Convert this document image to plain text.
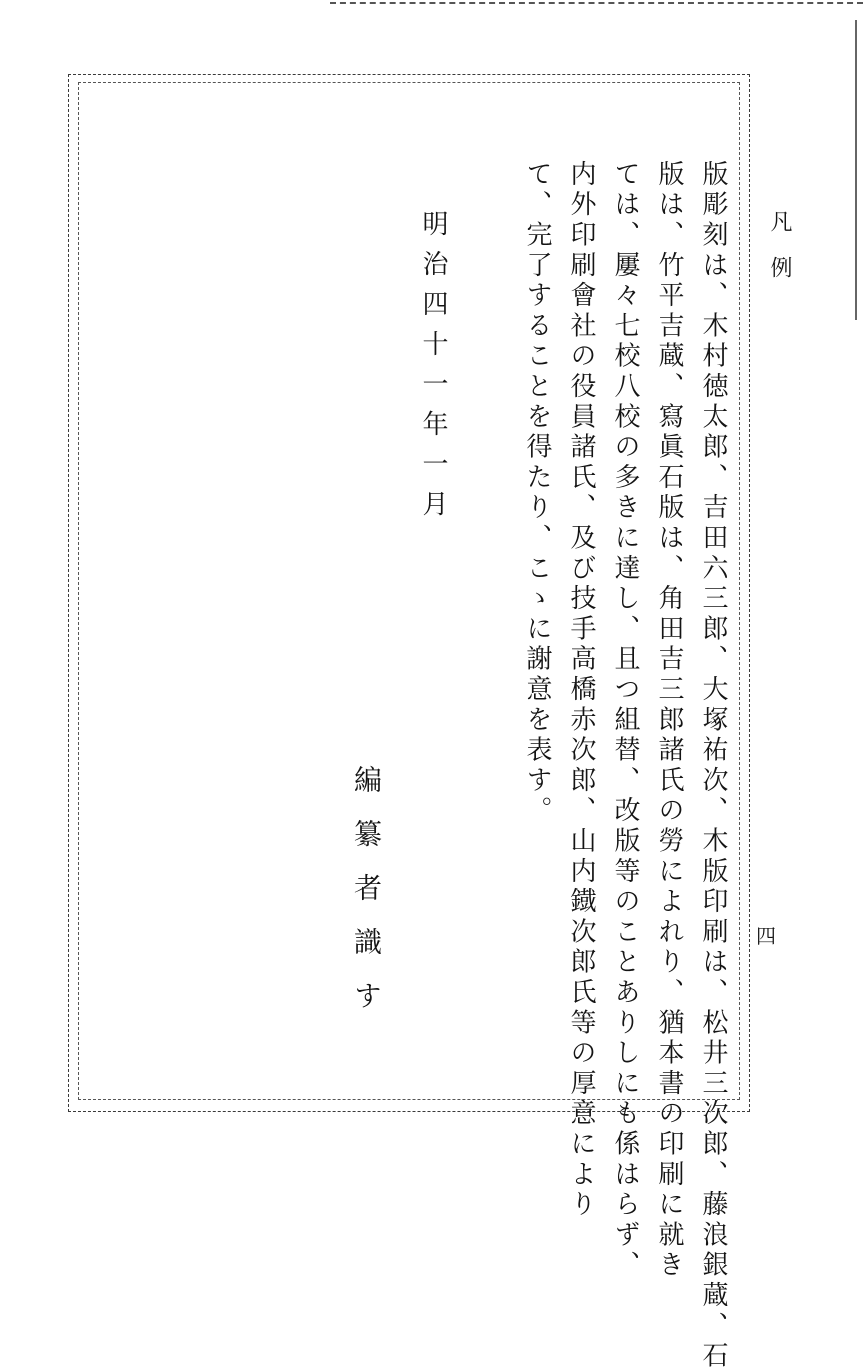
凡例
四
版彫刻は、木村徳太郎、吉田六三郎、大塚祐次、木版印刷は、松井三次郎、藤浪銀蔵、石
版は、竹平吉蔵、寫眞石版は、角田吉三郎諸氏の勞によれり、猶本書の印刷に就き
ては、屢々七校八校の多きに達し、且つ組替、改版等のことありしにも係はらず、
内外印刷會社の役員諸氏、及び技手高橋赤次郎、山内鐡次郎氏等の厚意により
て、完了することを得たり、こゝに謝意を表す。
明治四十一年一月
編纂者識す
